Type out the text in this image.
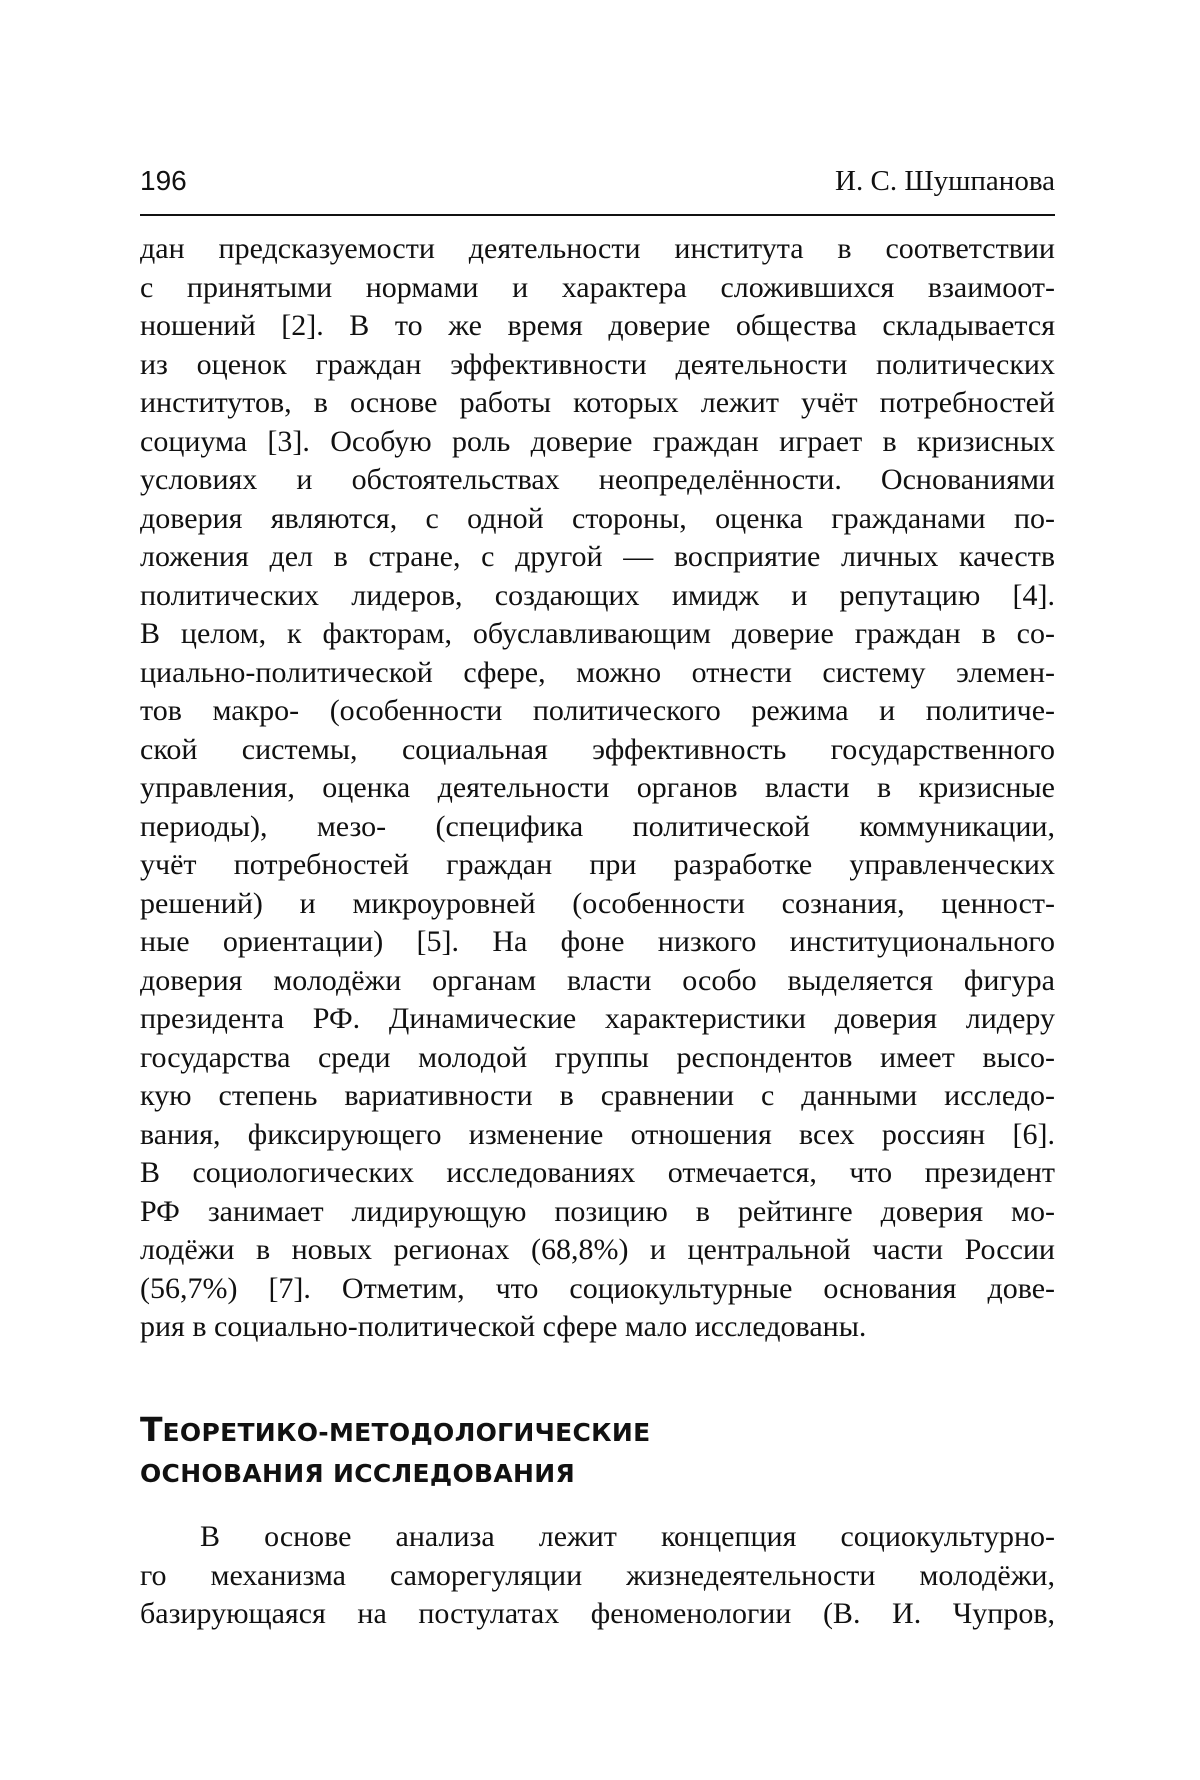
196	И. С. Шушпанова
дан предсказуемости деятельности института в соответствии
с принятыми нормами и характера сложившихся взаимоот-
ношений [2]. В то же время доверие общества складывается
из оценок граждан эффективности деятельности политических
институтов, в основе работы которых лежит учёт потребностей
социума [3]. Особую роль доверие граждан играет в кризисных
условиях и обстоятельствах неопределённости. Основаниями
доверия являются, с одной стороны, оценка гражданами по-
ложения дел в стране, с другой — восприятие личных качеств
политических лидеров, создающих имидж и репутацию [4].
В целом, к факторам, обуславливающим доверие граждан в со-
циально-политической сфере, можно отнести систему элемен-
тов макро- (особенности политического режима и политиче-
ской системы, социальная эффективность государственного
управления, оценка деятельности органов власти в кризисные
периоды), мезо- (специфика политической коммуникации,
учёт потребностей граждан при разработке управленческих
решений) и микроуровней (особенности сознания, ценност-
ные ориентации) [5]. На фоне низкого институционального
доверия молодёжи органам власти особо выделяется фигура
президента РФ. Динамические характеристики доверия лидеру
государства среди молодой группы респондентов имеет высо-
кую степень вариативности в сравнении с данными исследо-
вания, фиксирующего изменение отношения всех россиян [6].
В социологических исследованиях отмечается, что президент
РФ занимает лидирующую позицию в рейтинге доверия мо-
лодёжи в новых регионах (68,8%) и центральной части России
(56,7%) [7]. Отметим, что социокультурные основания дове-
рия в социально-политической сфере мало исследованы.
ТЕОРЕТИКО-МЕТОДОЛОГИЧЕСКИЕ
ОСНОВАНИЯ ИССЛЕДОВАНИЯ
В основе анализа лежит концепция социокультурно-
го механизма саморегуляции жизнедеятельности молодёжи,
базирующаяся на постулатах феноменологии (В. И. Чупров,
